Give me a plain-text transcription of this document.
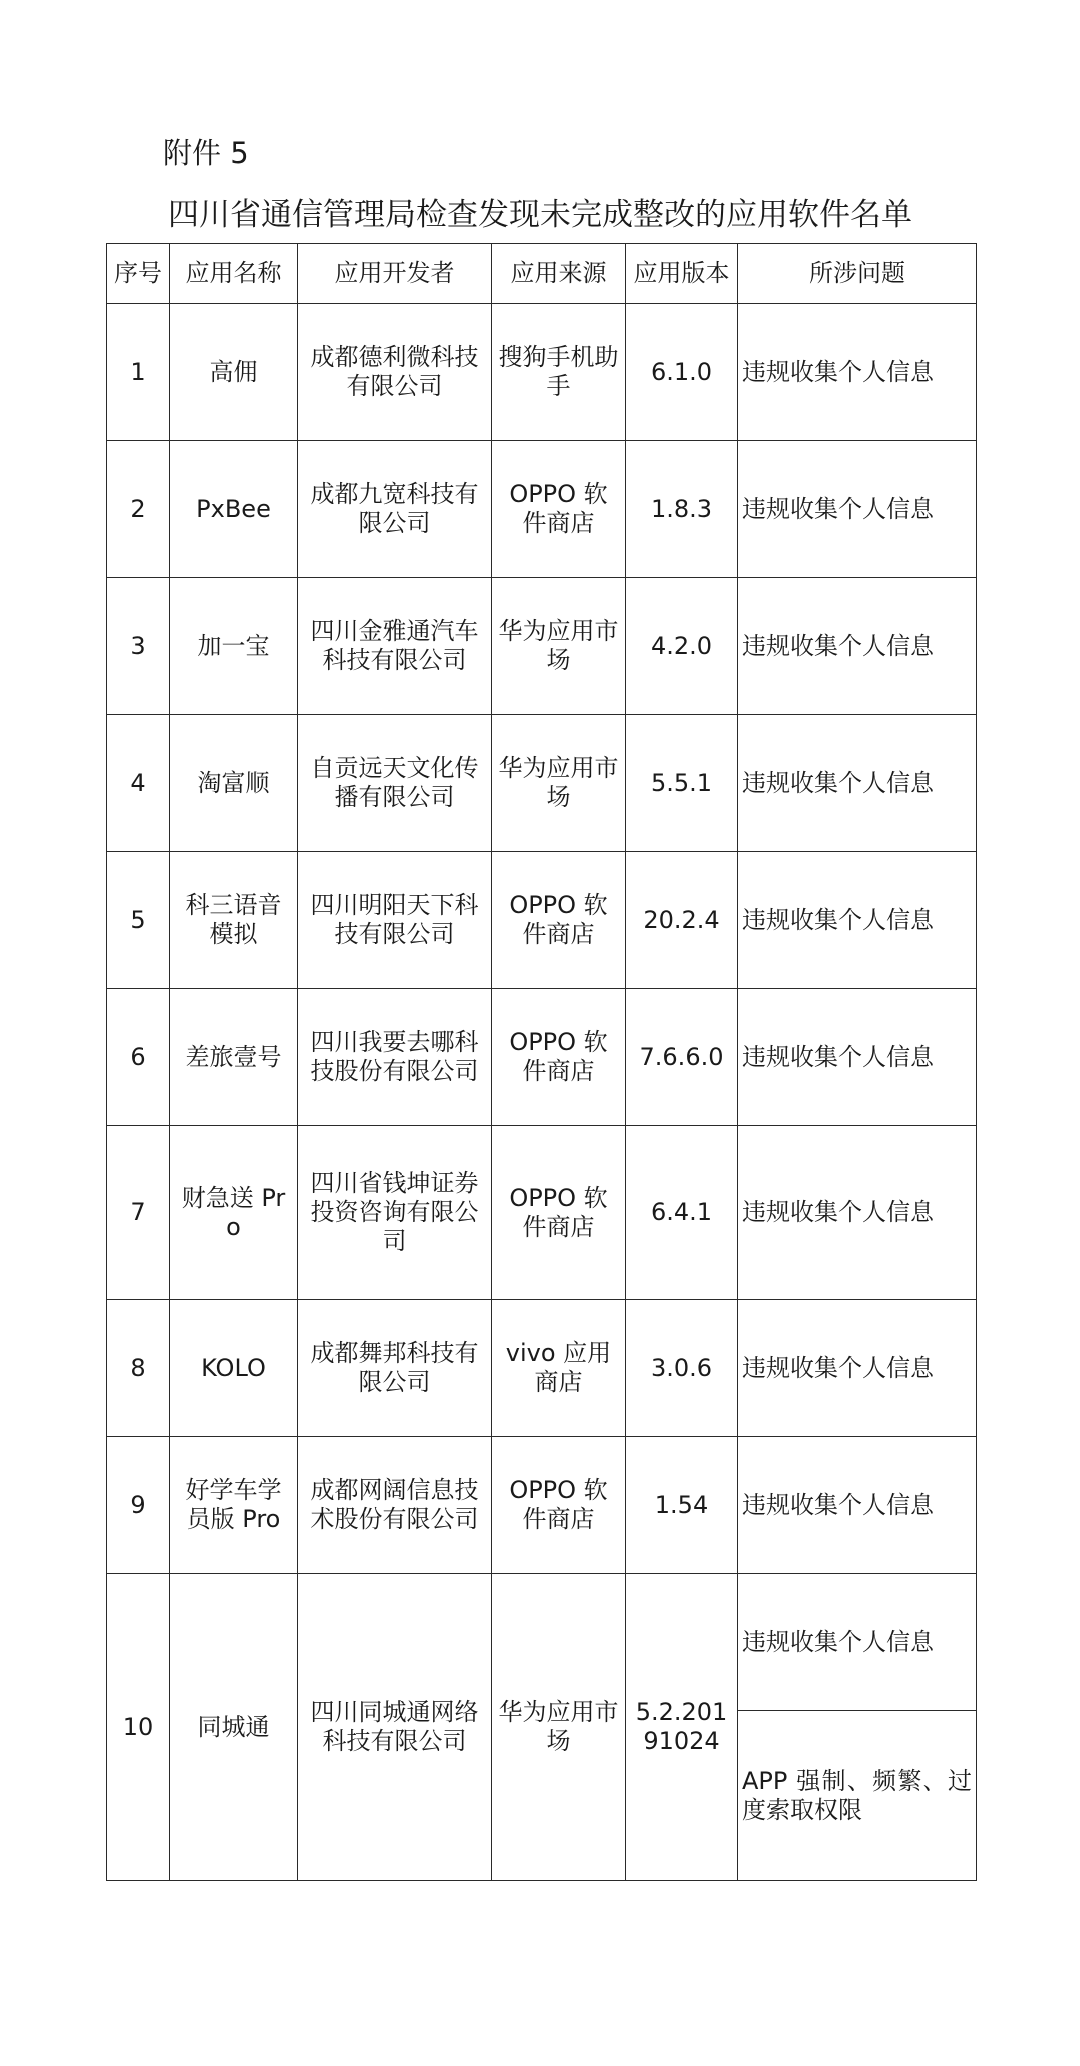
附件 5
四川省通信管理局检查发现未完成整改的应用软件名单
序号	应用名称	应用开发者	应用来源	应用版本	所涉问题
1	高佣	成都德利微科技有限公司	搜狗手机助手	6.1.0	违规收集个人信息
2	PxBee	成都九宽科技有限公司	OPPO 软件商店	1.8.3	违规收集个人信息
3	加一宝	四川金雅通汽车科技有限公司	华为应用市场	4.2.0	违规收集个人信息
4	淘富顺	自贡远天文化传播有限公司	华为应用市场	5.5.1	违规收集个人信息
5	科三语音模拟	四川明阳天下科技有限公司	OPPO 软件商店	20.2.4	违规收集个人信息
6	差旅壹号	四川我要去哪科技股份有限公司	OPPO 软件商店	7.6.6.0	违规收集个人信息
7	财急送 Pro	四川省钱坤证券投资咨询有限公司	OPPO 软件商店	6.4.1	违规收集个人信息
8	KOLO	成都舞邦科技有限公司	vivo 应用商店	3.0.6	违规收集个人信息
9	好学车学员版 Pro	成都网阔信息技术股份有限公司	OPPO 软件商店	1.54	违规收集个人信息
10	同城通	四川同城通网络科技有限公司	华为应用市场	5.2.20191024	违规收集个人信息
					APP 强制、频繁、过度索取权限
